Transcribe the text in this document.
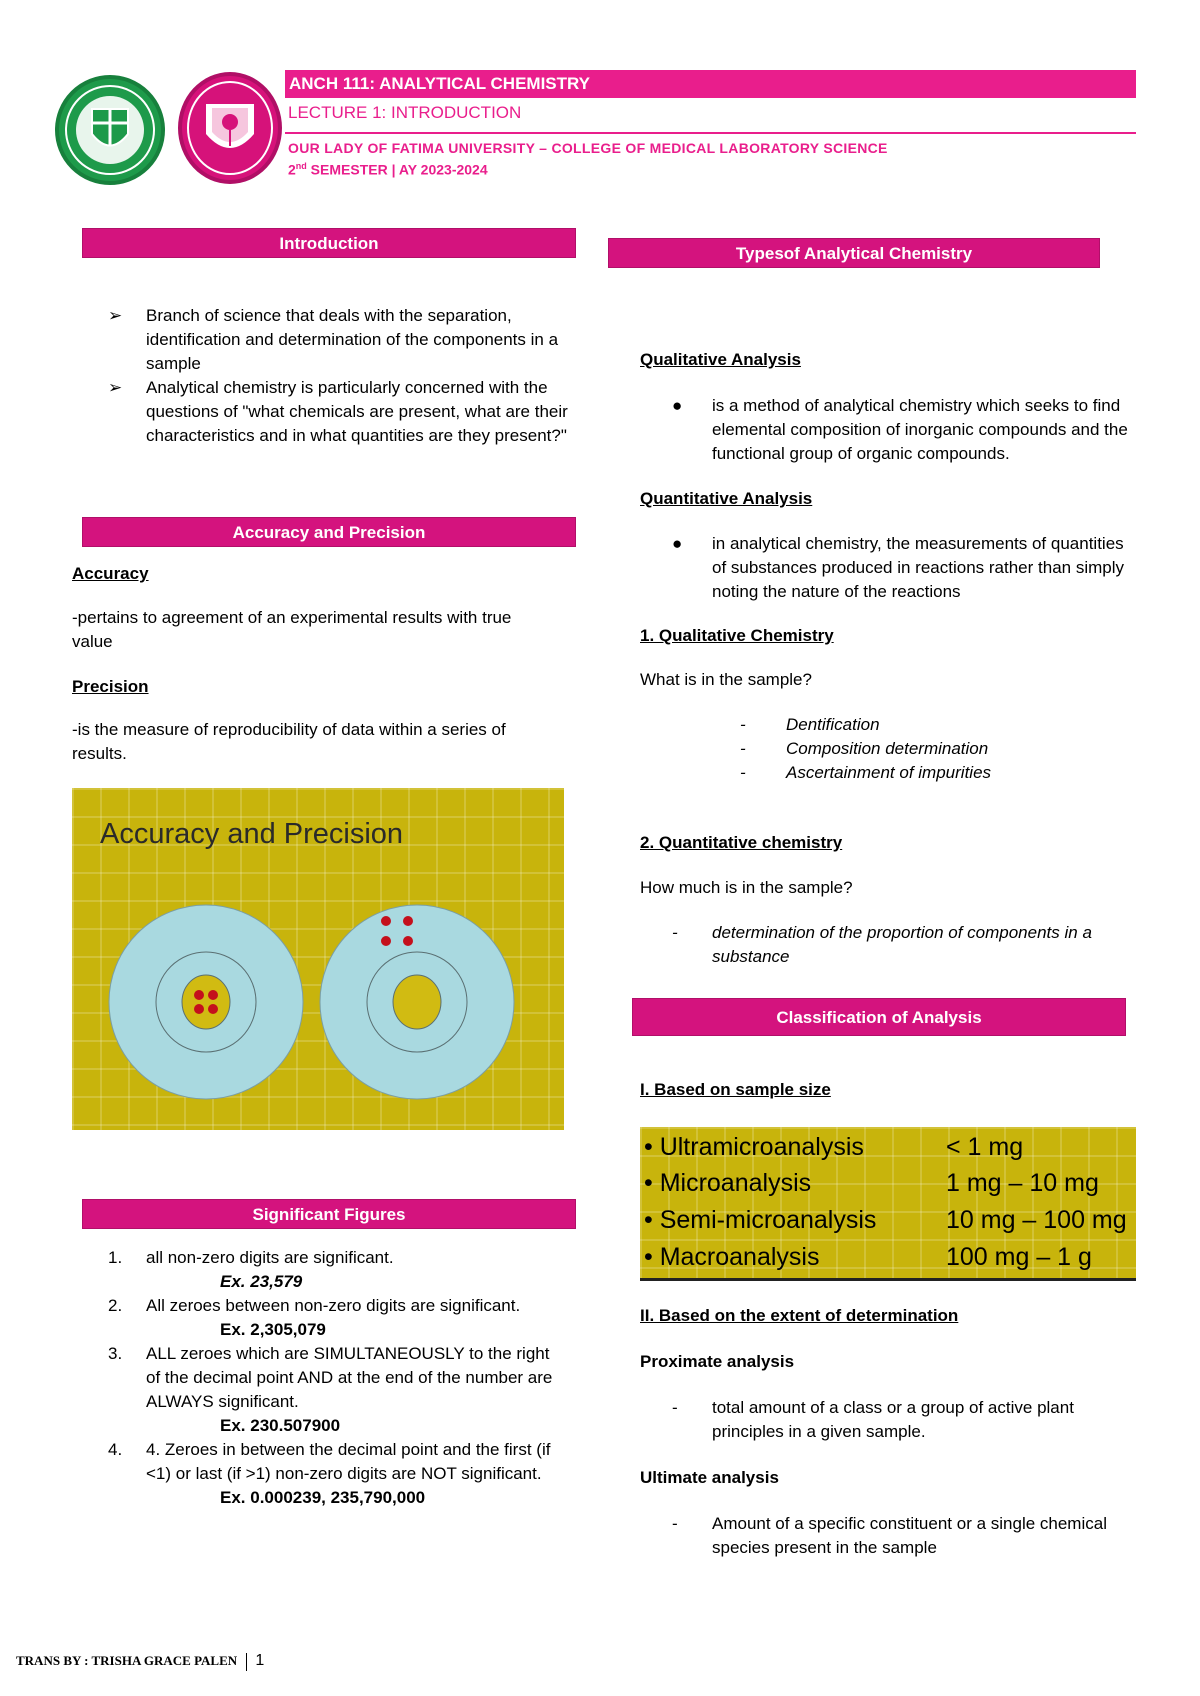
ANCH 111: ANALYTICAL CHEMISTRY
LECTURE 1: INTRODUCTION
OUR LADY OF FATIMA UNIVERSITY – COLLEGE OF MEDICAL LABORATORY SCIENCE
2nd SEMESTER | AY 2023-2024
Introduction
➢ Branch of science that deals with the separation, identification and determination of the components in a sample
➢ Analytical chemistry is particularly concerned with the questions of "what chemicals are present, what are their characteristics and in what quantities are they present?"
Accuracy and Precision
Accuracy
-pertains to agreement of an experimental results with true value
Precision
-is the measure of reproducibility of data within a series of results.
Accuracy and Precision
Significant Figures
1. all non-zero digits are significant.
Ex. 23,579
2. All zeroes between non-zero digits are significant.
Ex. 2,305,079
3. ALL zeroes which are SIMULTANEOUSLY to the right of the decimal point AND at the end of the number are ALWAYS significant.
Ex. 230.507900
4. 4. Zeroes in between the decimal point and the first (if <1) or last (if >1) non-zero digits are NOT significant.
Ex. 0.000239, 235,790,000
Typesof Analytical Chemistry
Qualitative Analysis
● is a method of analytical chemistry which seeks to find elemental composition of inorganic compounds and the functional group of organic compounds.
Quantitative Analysis
● in analytical chemistry, the measurements of quantities of substances produced in reactions rather than simply noting the nature of the reactions
1. Qualitative Chemistry
What is in the sample?
- Dentification
- Composition determination
- Ascertainment of impurities
2. Quantitative chemistry
How much is in the sample?
- determination of the proportion of components in a substance
Classification of Analysis
I. Based on sample size
• Ultramicroanalysis	< 1 mg
• Microanalysis	1 mg – 10 mg
• Semi-microanalysis	10 mg – 100 mg
• Macroanalysis	100 mg – 1 g
II. Based on the extent of determination
Proximate analysis
- total amount of a class or a group of active plant principles in a given sample.
Ultimate analysis
- Amount of a specific constituent or a single chemical species present in the sample
TRANS BY : TRISHA GRACE PALEN 1
